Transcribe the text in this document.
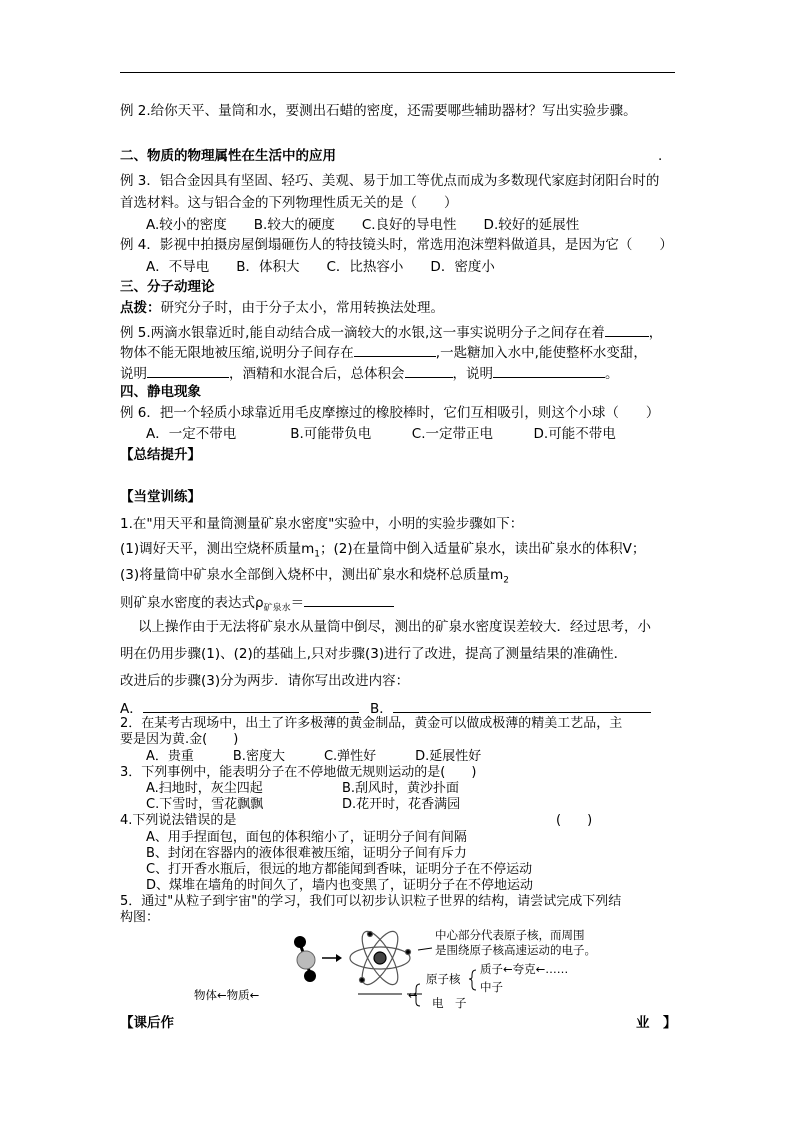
例 2.给你天平、量筒和水，要测出石蜡的密度，还需要哪些辅助器材？写出实验步骤。
二、物质的物理属性在生活中的应用	.
例 3．铝合金因具有坚固、轻巧、美观、易于加工等优点而成为多数现代家庭封闭阳台时的
首选材料。这与铝合金的下列物理性质无关的是（　　）
A.较小的密度　　B.较大的硬度　　C.良好的导电性　　D.较好的延展性
例 4．影视中拍摄房屋倒塌砸伤人的特技镜头时，常选用泡沫塑料做道具，是因为它（　　）
A．不导电　　B．体积大　　C．比热容小　　D．密度小
三、分子动理论
点拨：研究分子时，由于分子太小，常用转换法处理。
例 5.两滴水银靠近时,能自动结合成一滴较大的水银,这一事实说明分子之间存在着	，
物体不能无限地被压缩,说明分子间存在	,一匙糖加入水中,能使整杯水变甜，
说明	，酒精和水混合后，总体积会	，说明	。
四、静电现象
例 6．把一个轻质小球靠近用毛皮摩擦过的橡胶棒时，它们互相吸引，则这个小球（　　）
A．一定不带电　　　　B.可能带负电　　　C.一定带正电　　　D.可能不带电
【总结提升】
【当堂训练】
1.在"用天平和量筒测量矿泉水密度"实验中，小明的实验步骤如下：
(1)调好天平，测出空烧杯质量$m_1$；(2)在量筒中倒入适量矿泉水，读出矿泉水的体积V；
(3)将量筒中矿泉水全部倒入烧杯中，测出矿泉水和烧杯总质量$m_2$
则矿泉水密度的表达式$\rho_{矿泉水}=$
以上操作由于无法将矿泉水从量筒中倒尽，测出的矿泉水密度误差较大．经过思考，小
明在仍用步骤(1)、(2)的基础上,只对步骤(3)进行了改进，提高了测量结果的准确性．
改进后的步骤(3)分为两步．请你写出改进内容：
A．	B．
2．在某考古现场中，出土了许多极薄的黄金制品，黄金可以做成极薄的精美工艺品，主
要是因为黄.金(　　)
A．贵重　　　B.密度大　　　C.弹性好　　　D.延展性好
3．下列事例中，能表明分子在不停地做无规则运动的是(　　)
A.扫地时，灰尘四起	B.刮风时，黄沙扑面
C.下雪时，雪花飘飘	D.花开时，花香满园
4.下列说法错误的是	(　　)
A、用手捏面包，面包的体积缩小了，证明分子间有间隔
B、封闭在容器内的液体很难被压缩，证明分子间有斥力
C、打开香水瓶后，很远的地方都能闻到香味，证明分子在不停运动
D、煤堆在墙角的时间久了，墙内也变黑了，证明分子在不停地运动
5．通过"从粒子到宇宙"的学习，我们可以初步认识粒子世界的结构，请尝试完成下列结
构图：
中心部分代表原子核，而周围
是围绕原子核高速运动的电子。
物体←物质←	←
原子核
电　子
质子←夸克←……
中子
【课后作	业　】
